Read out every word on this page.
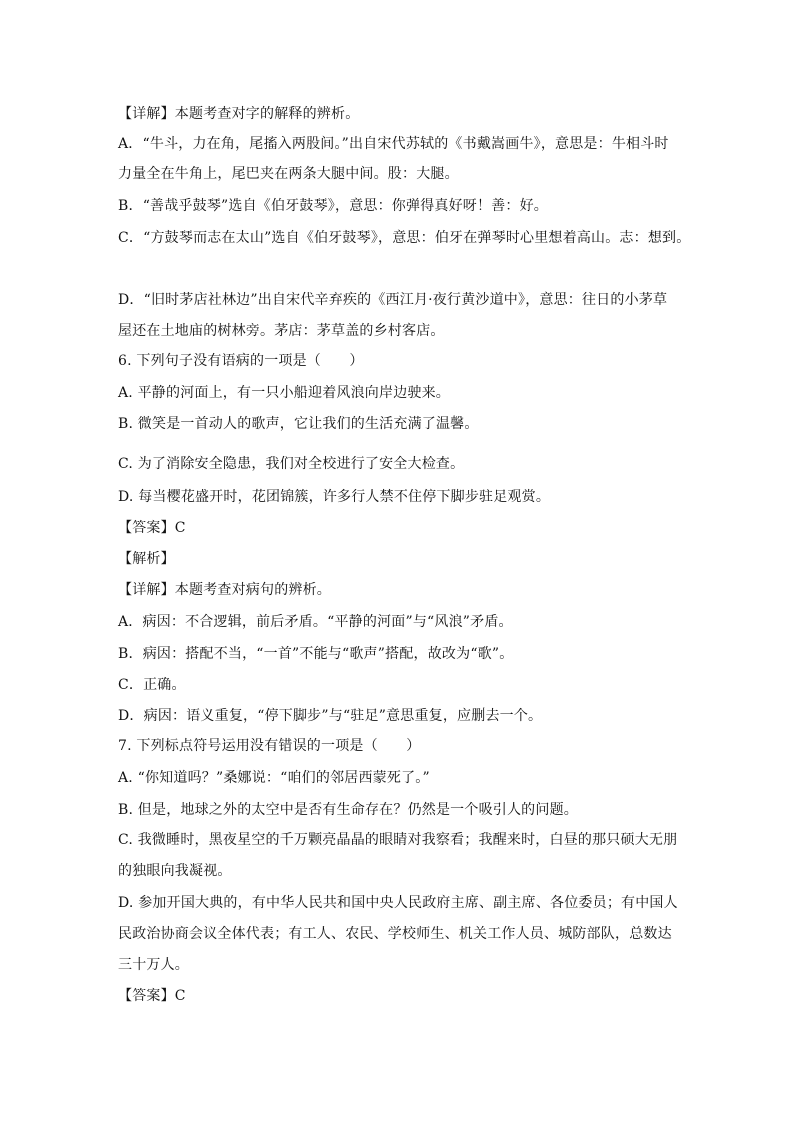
【详解】本题考查对字的解释的辨析。
A．“牛斗，力在角，尾搐入两股间。”出自宋代苏轼的《书戴嵩画牛》，意思是：牛相斗时
力量全在牛角上，尾巴夹在两条大腿中间。股：大腿。
B．“善哉乎鼓琴”选自《伯牙鼓琴》，意思：你弹得真好呀！善：好。
C．“方鼓琴而志在太山”选自《伯牙鼓琴》，意思：伯牙在弹琴时心里想着高山。志：想到。
D．“旧时茅店社林边”出自宋代辛弃疾的《西江月·夜行黄沙道中》，意思：往日的小茅草
屋还在土地庙的树林旁。茅店：茅草盖的乡村客店。
6. 下列句子没有语病的一项是（　　）
A. 平静的河面上，有一只小船迎着风浪向岸边驶来。
B. 微笑是一首动人的歌声，它让我们的生活充满了温馨。
C. 为了消除安全隐患，我们对全校进行了安全大检查。
D. 每当樱花盛开时，花团锦簇，许多行人禁不住停下脚步驻足观赏。
【答案】C
【解析】
【详解】本题考查对病句的辨析。
A．病因：不合逻辑，前后矛盾。“平静的河面”与“风浪”矛盾。
B．病因：搭配不当，“一首”不能与“歌声”搭配，故改为“歌”。
C．正确。
D．病因：语义重复，“停下脚步”与“驻足”意思重复，应删去一个。
7. 下列标点符号运用没有错误的一项是（　　）
A. “你知道吗？”桑娜说：“咱们的邻居西蒙死了。”
B. 但是，地球之外的太空中是否有生命存在？仍然是一个吸引人的问题。
C. 我微睡时，黑夜星空的千万颗亮晶晶的眼睛对我察看；我醒来时，白昼的那只硕大无朋
的独眼向我凝视。
D. 参加开国大典的，有中华人民共和国中央人民政府主席、副主席、各位委员；有中国人
民政治协商会议全体代表；有工人、农民、学校师生、机关工作人员、城防部队，总数达
三十万人。
【答案】C
